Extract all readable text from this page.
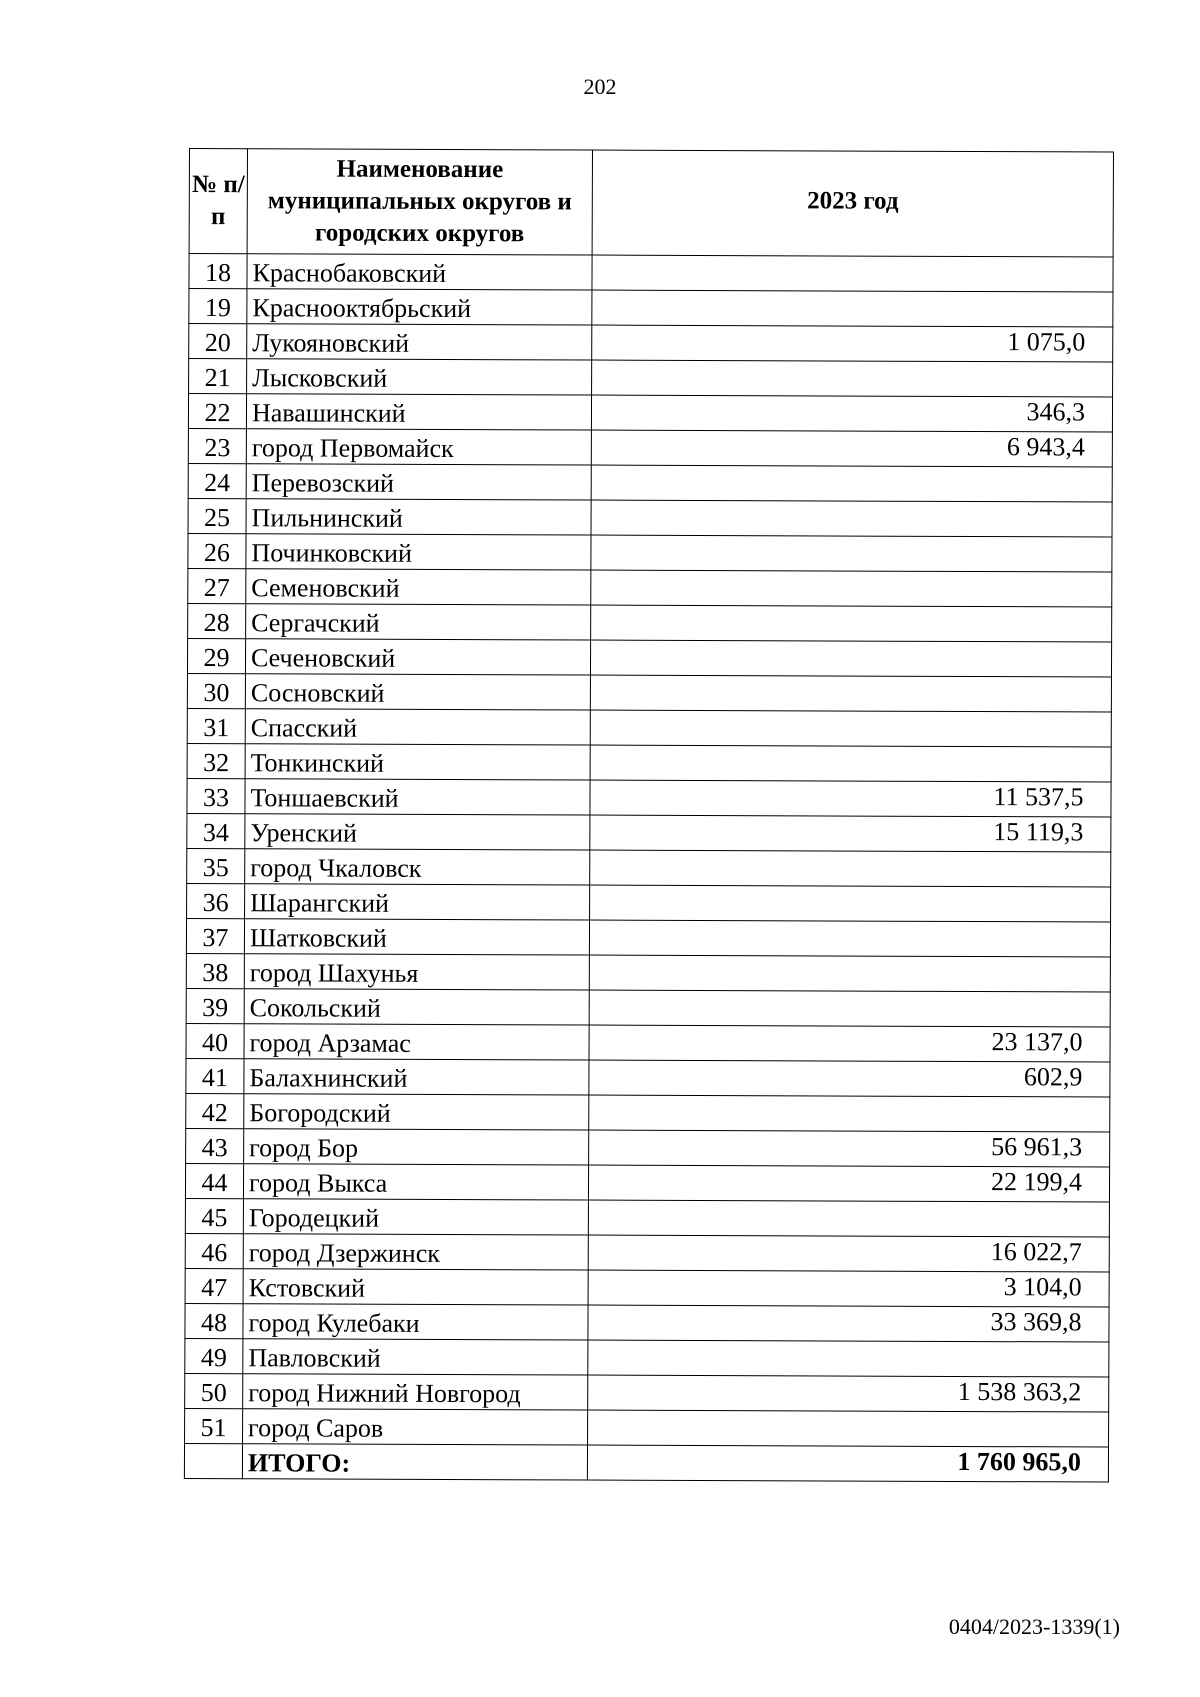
202
№ п/п	Наименование муниципальных округов и городских округов	2023 год
18	Краснобаковский	
19	Краснооктябрьский	
20	Лукояновский	1 075,0
21	Лысковский	
22	Навашинский	346,3
23	город Первомайск	6 943,4
24	Перевозский	
25	Пильнинский	
26	Починковский	
27	Семеновский	
28	Сергачский	
29	Сеченовский	
30	Сосновский	
31	Спасский	
32	Тонкинский	
33	Тоншаевский	11 537,5
34	Уренский	15 119,3
35	город Чкаловск	
36	Шарангский	
37	Шатковский	
38	город Шахунья	
39	Сокольский	
40	город Арзамас	23 137,0
41	Балахнинский	602,9
42	Богородский	
43	город Бор	56 961,3
44	город Выкса	22 199,4
45	Городецкий	
46	город Дзержинск	16 022,7
47	Кстовский	3 104,0
48	город Кулебаки	33 369,8
49	Павловский	
50	город Нижний Новгород	1 538 363,2
51	город Саров	
	ИТОГО:	1 760 965,0
0404/2023-1339(1)
